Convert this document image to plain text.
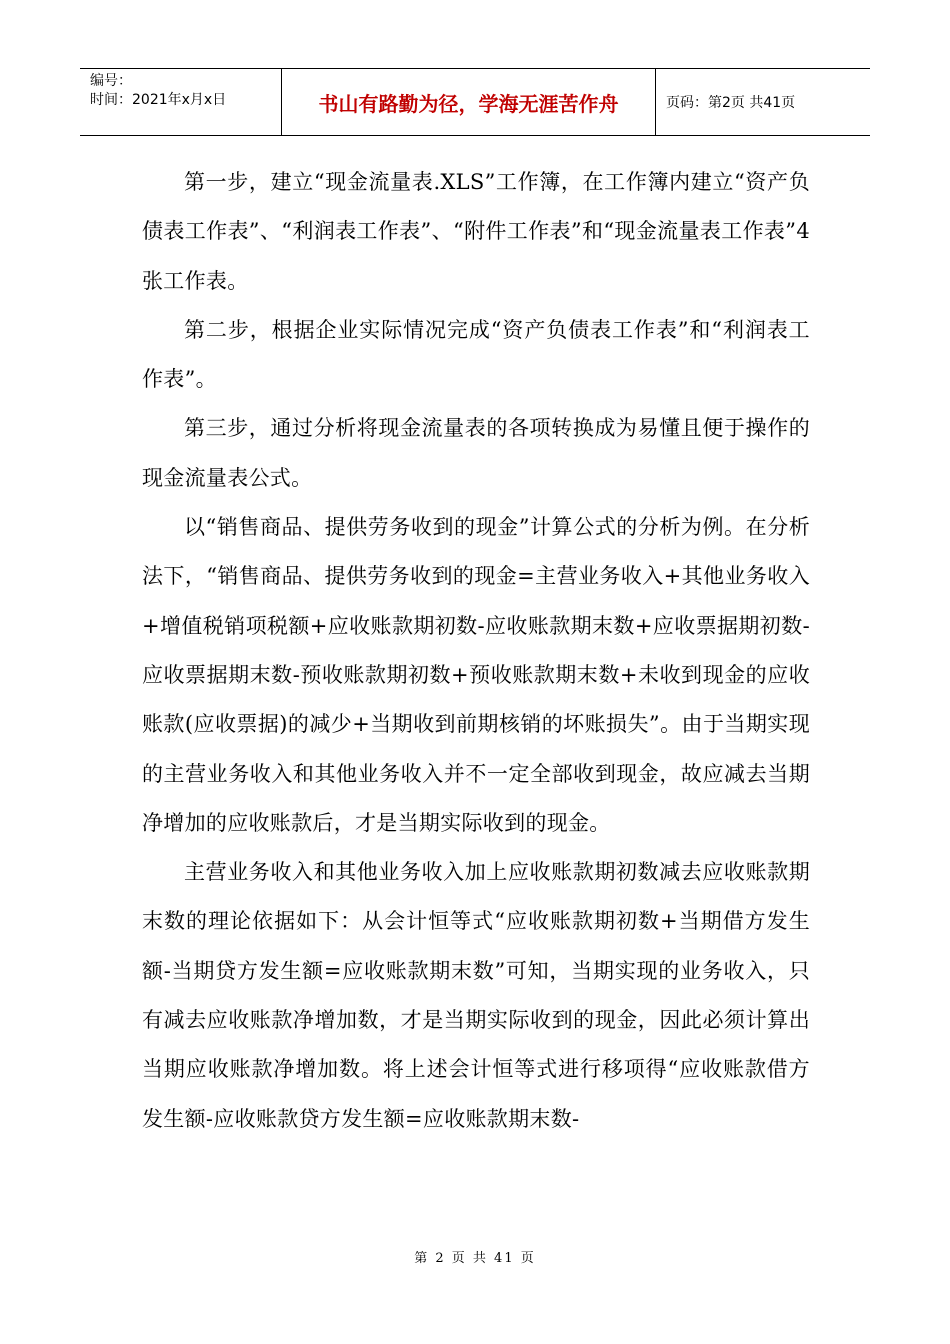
编号：
时间：2021年x月x日	书山有路勤为径，学海无涯苦作舟	页码：第2页 共41页

第一步，建立“现金流量表.XLS”工作簿，在工作簿内建立“资产负债表工作表”、“利润表工作表”、“附件工作表”和“现金流量表工作表”4张工作表。

第二步，根据企业实际情况完成“资产负债表工作表”和“利润表工作表”。

第三步，通过分析将现金流量表的各项转换成为易懂且便于操作的现金流量表公式。

以“销售商品、提供劳务收到的现金”计算公式的分析为例。在分析法下，“销售商品、提供劳务收到的现金=主营业务收入+其他业务收入+增值税销项税额+应收账款期初数-应收账款期末数+应收票据期初数-应收票据期末数-预收账款期初数+预收账款期末数+未收到现金的应收账款(应收票据)的减少+当期收到前期核销的坏账损失”。由于当期实现的主营业务收入和其他业务收入并不一定全部收到现金，故应减去当期净增加的应收账款后，才是当期实际收到的现金。

主营业务收入和其他业务收入加上应收账款期初数减去应收账款期末数的理论依据如下：从会计恒等式“应收账款期初数+当期借方发生额-当期贷方发生额=应收账款期末数”可知，当期实现的业务收入，只有减去应收账款净增加数，才是当期实际收到的现金，因此必须计算出当期应收账款净增加数。将上述会计恒等式进行移项得“应收账款借方发生额-应收账款贷方发生额=应收账款期末数-

第 2 页 共 41 页
